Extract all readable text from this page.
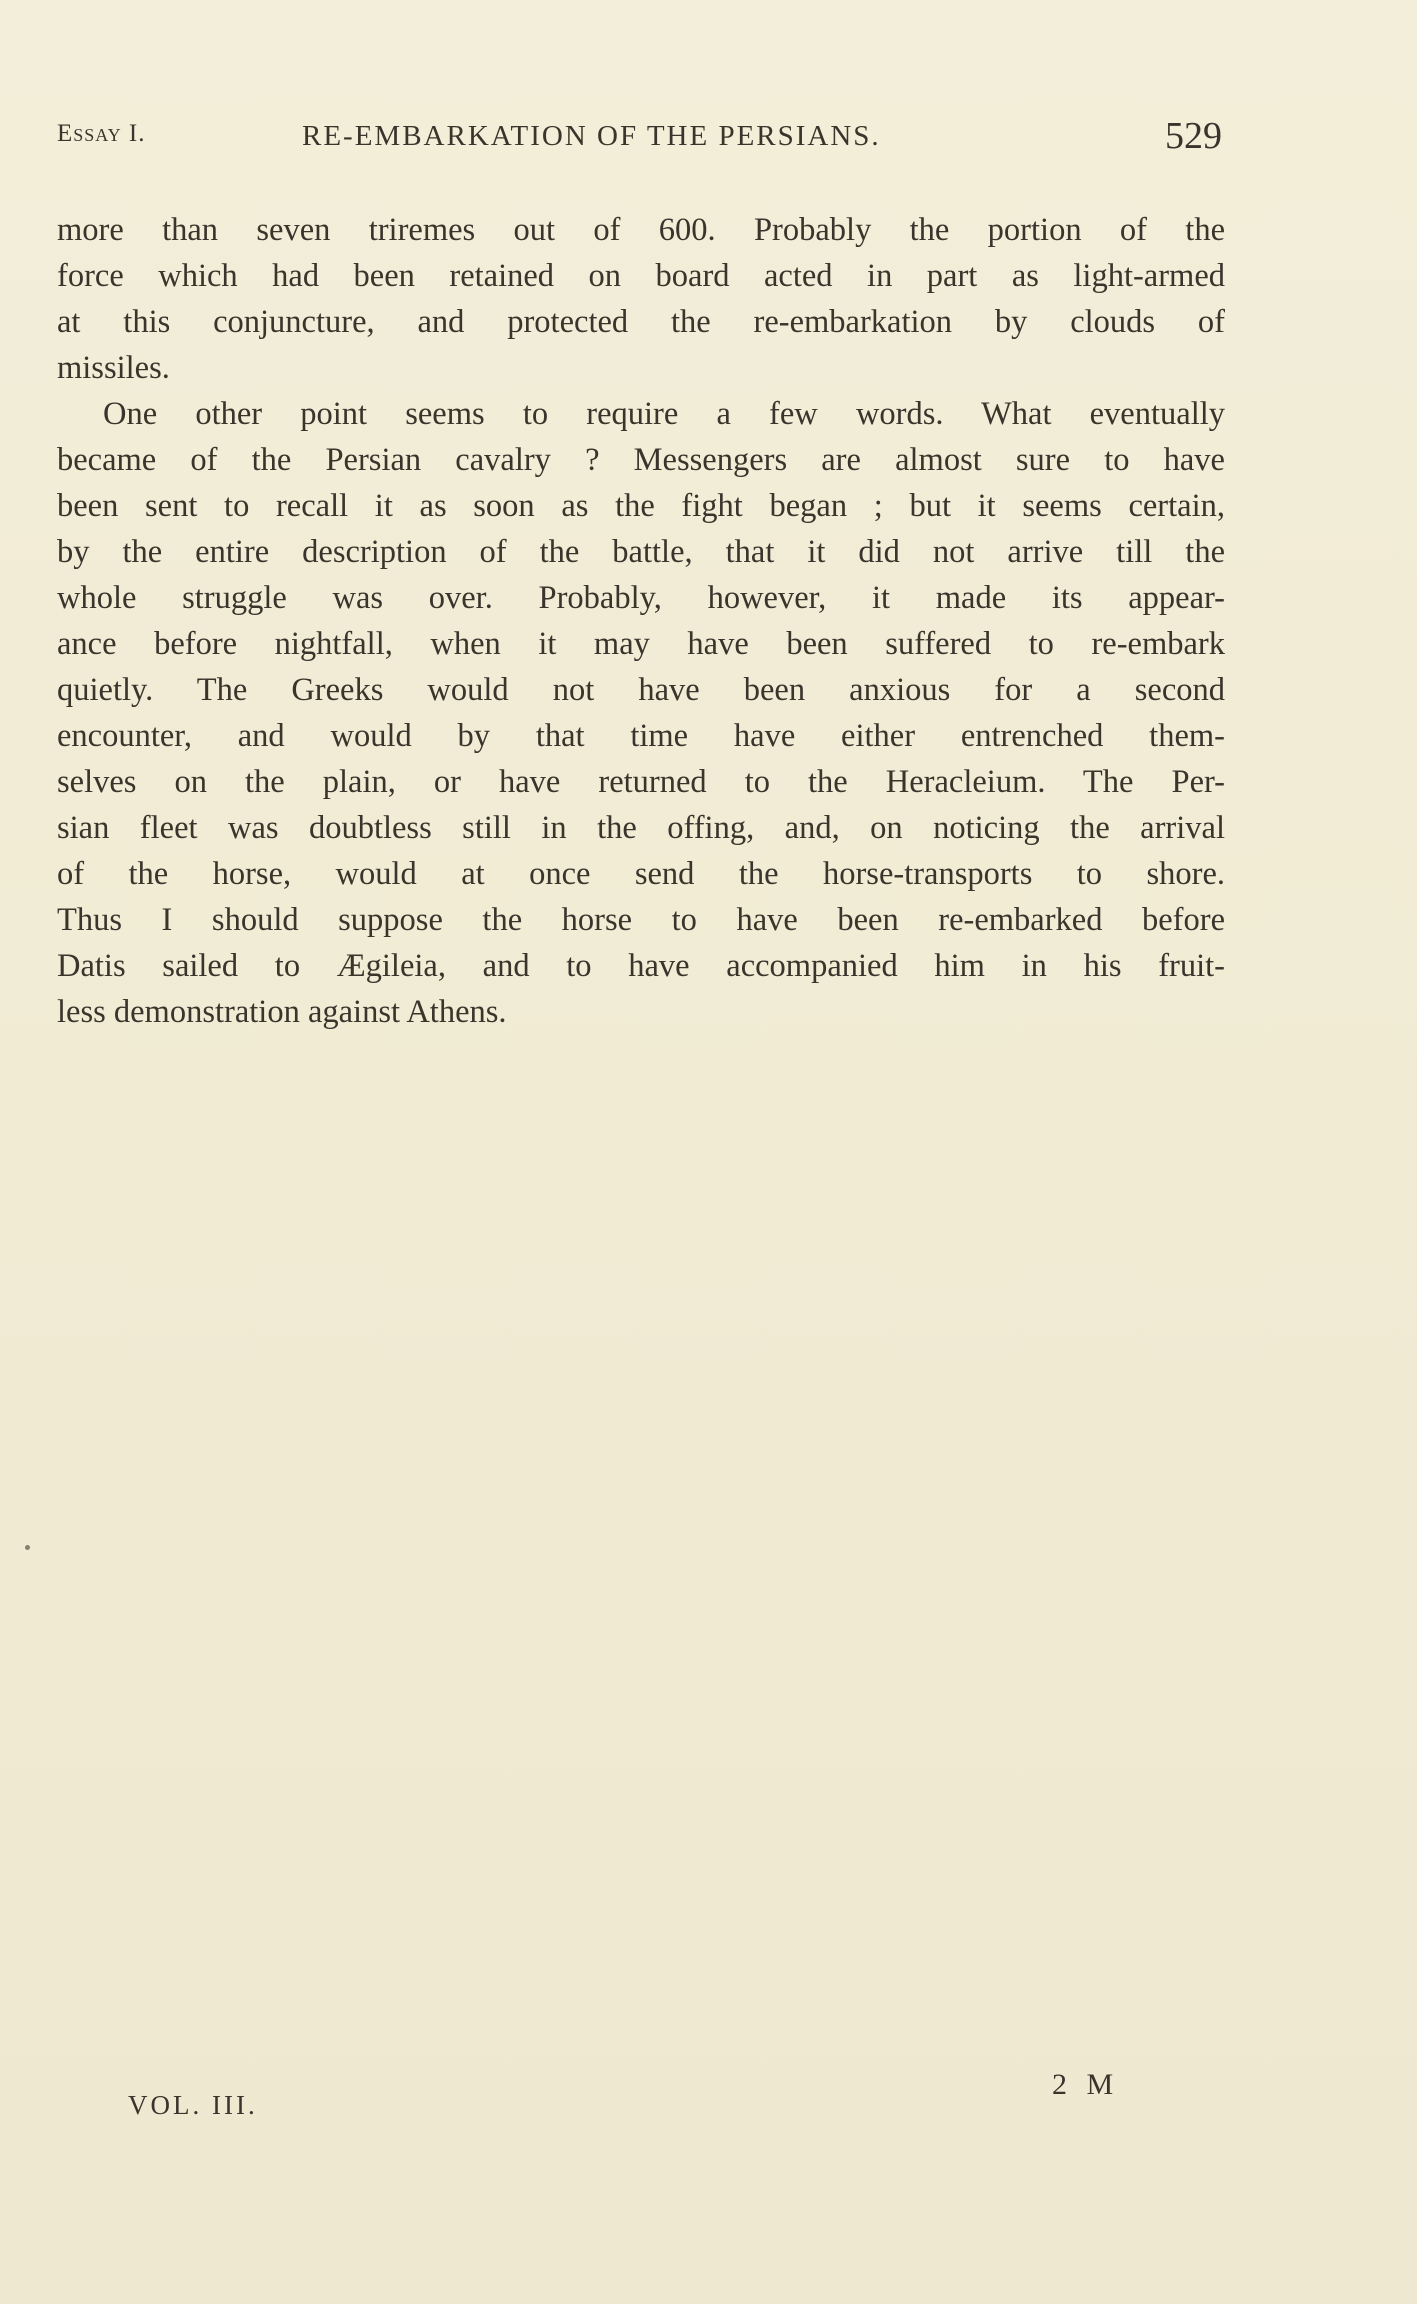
Essay I.	RE-EMBARKATION OF THE PERSIANS.	529
more than seven triremes out of 600. Probably the portion of the
force which had been retained on board acted in part as light-armed
at this conjuncture, and protected the re-embarkation by clouds of
missiles.
One other point seems to require a few words. What eventually
became of the Persian cavalry ? Messengers are almost sure to have
been sent to recall it as soon as the fight began ; but it seems certain,
by the entire description of the battle, that it did not arrive till the
whole struggle was over. Probably, however, it made its appear-
ance before nightfall, when it may have been suffered to re-embark
quietly. The Greeks would not have been anxious for a second
encounter, and would by that time have either entrenched them-
selves on the plain, or have returned to the Heracleium. The Per-
sian fleet was doubtless still in the offing, and, on noticing the arrival
of the horse, would at once send the horse-transports to shore.
Thus I should suppose the horse to have been re-embarked before
Datis sailed to Ægileia, and to have accompanied him in his fruit-
less demonstration against Athens.
VOL. III.
2 M
